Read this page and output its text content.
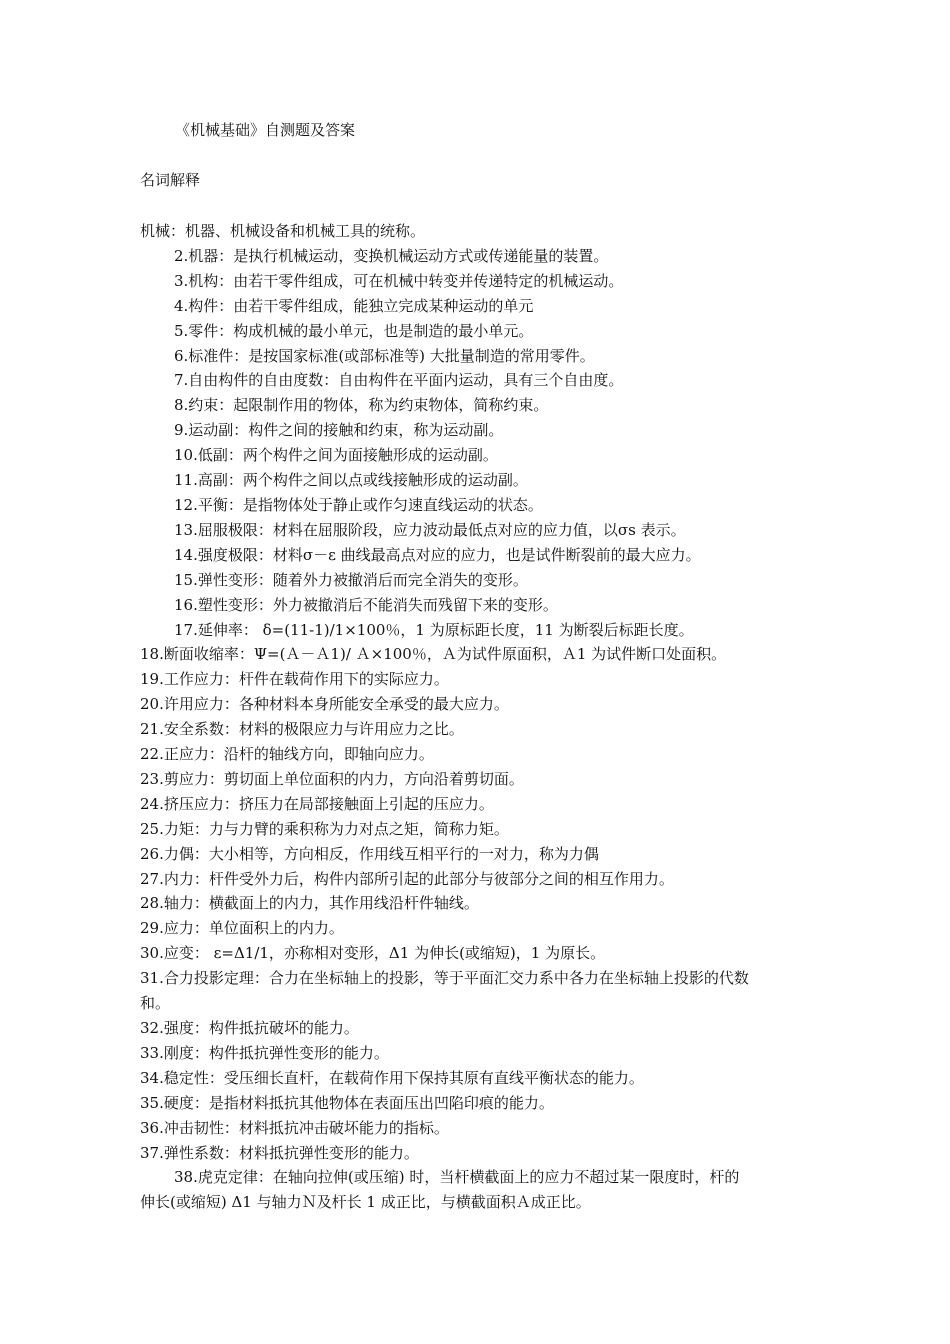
《机械基础》自测题及答案
名词解释
机械：机器、机械设备和机械工具的统称。
2.机器：是执行机械运动，变换机械运动方式或传递能量的装置。
3.机构：由若干零件组成，可在机械中转变并传递特定的机械运动。
4.构件：由若干零件组成，能独立完成某种运动的单元
5.零件：构成机械的最小单元，也是制造的最小单元。
6.标准件：是按国家标准(或部标准等) 大批量制造的常用零件。
7.自由构件的自由度数：自由构件在平面内运动，具有三个自由度。
8.约束：起限制作用的物体，称为约束物体，简称约束。
9.运动副：构件之间的接触和约束，称为运动副。
10.低副：两个构件之间为面接触形成的运动副。
11.高副：两个构件之间以点或线接触形成的运动副。
12.平衡：是指物体处于静止或作匀速直线运动的状态。
13.屈服极限：材料在屈服阶段，应力波动最低点对应的应力值，以σs 表示。
14.强度极限：材料σ－ε 曲线最高点对应的应力，也是试件断裂前的最大应力。
15.弹性变形：随着外力被撤消后而完全消失的变形。
16.塑性变形：外力被撤消后不能消失而残留下来的变形。
17.延伸率： δ=(11-1)/1×100％，1 为原标距长度，11 为断裂后标距长度。
18.断面收缩率：Ψ=(Ａ－Ａ1)/ Ａ×100％，Ａ为试件原面积，Ａ1 为试件断口处面积。
19.工作应力：杆件在载荷作用下的实际应力。
20.许用应力：各种材料本身所能安全承受的最大应力。
21.安全系数：材料的极限应力与许用应力之比。
22.正应力：沿杆的轴线方向，即轴向应力。
23.剪应力：剪切面上单位面积的内力，方向沿着剪切面。
24.挤压应力：挤压力在局部接触面上引起的压应力。
25.力矩：力与力臂的乘积称为力对点之矩，简称力矩。
26.力偶：大小相等，方向相反，作用线互相平行的一对力，称为力偶
27.内力：杆件受外力后，构件内部所引起的此部分与彼部分之间的相互作用力。
28.轴力：横截面上的内力，其作用线沿杆件轴线。
29.应力：单位面积上的内力。
30.应变： ε=Δ1/1，亦称相对变形，Δ1 为伸长(或缩短)，1 为原长。
31.合力投影定理：合力在坐标轴上的投影，等于平面汇交力系中各力在坐标轴上投影的代数
和。
32.强度：构件抵抗破坏的能力。
33.刚度：构件抵抗弹性变形的能力。
34.稳定性：受压细长直杆，在载荷作用下保持其原有直线平衡状态的能力。
35.硬度：是指材料抵抗其他物体在表面压出凹陷印痕的能力。
36.冲击韧性：材料抵抗冲击破坏能力的指标。
37.弹性系数：材料抵抗弹性变形的能力。
38.虎克定律：在轴向拉伸(或压缩) 时，当杆横截面上的应力不超过某一限度时，杆的
伸长(或缩短) Δ1 与轴力Ｎ及杆长 1 成正比，与横截面积Ａ成正比。
